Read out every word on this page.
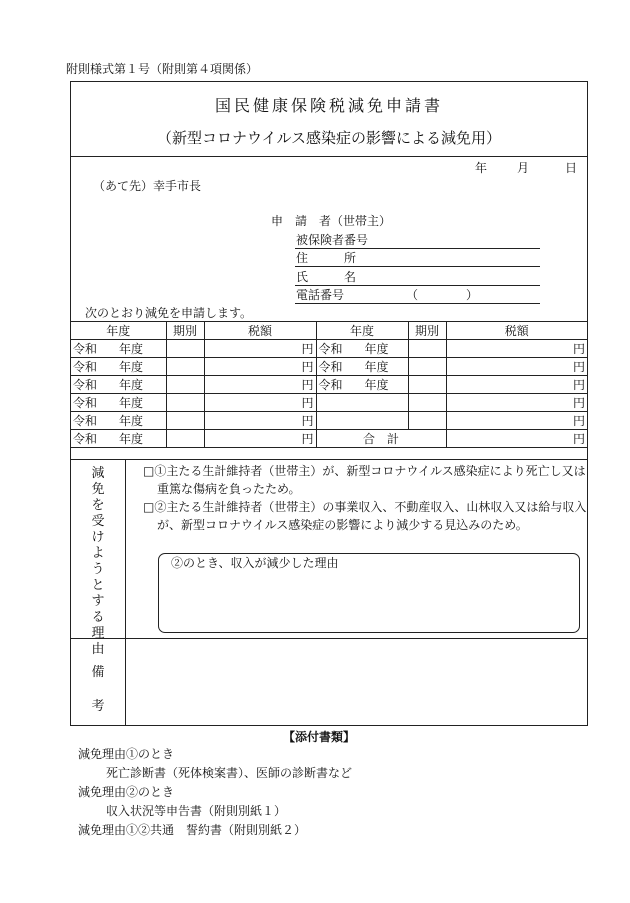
附則様式第１号（附則第４項関係）
国民健康保険税減免申請書
（新型コロナウイルス感染症の影響による減免用）
年 月	日
（あて先）幸手市長
申　請　者（世帯主）
被保険者番号
住　　　所
氏　　　名
電話番号	（　　　　）
次のとおり減免を申請します。
年度	期別	税額	年度	期別	税額
令和 年度		円	令和 年度		円
令和 年度		円	令和 年度		円
令和 年度		円	令和 年度		円
令和 年度		円			円
令和 年度		円			円
令和 年度		円	合　計		円
減免を受けようとする理由
□①主たる生計維持者（世帯主）が、新型コロナウイルス感染症により死亡し又は重篤な傷病を負ったため。
□②主たる生計維持者（世帯主）の事業収入、不動産収入、山林収入又は給与収入が、新型コロナウイルス感染症の影響により減少する見込みのため。
②のとき、収入が減少した理由
備考
【添付書類】
減免理由①のとき
死亡診断書（死体検案書）、医師の診断書など
減免理由②のとき
収入状況等申告書（附則別紙１）
減免理由①②共通　誓約書（附則別紙２）
